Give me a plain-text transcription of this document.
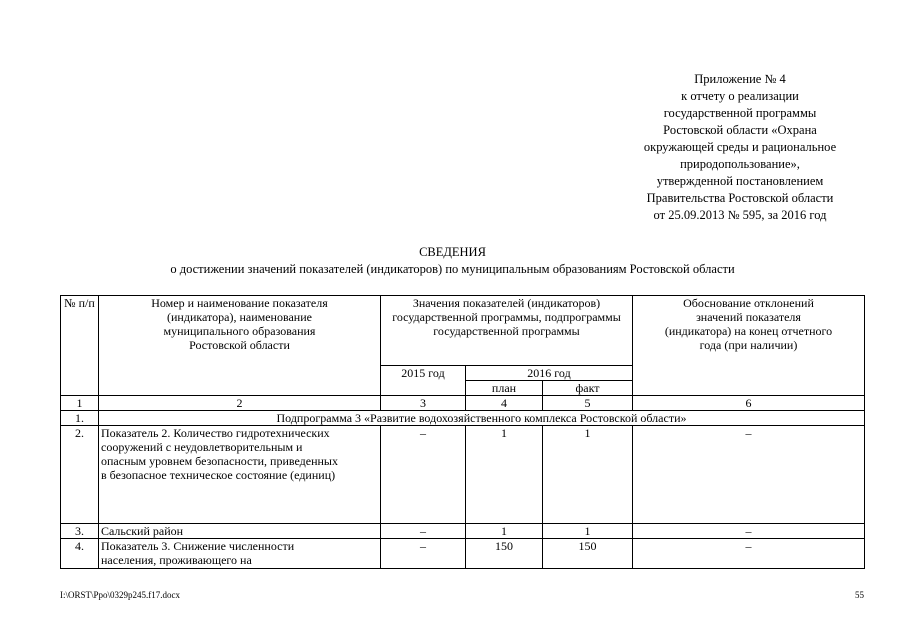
Приложение № 4
к отчету о реализации
государственной программы
Ростовской области «Охрана
окружающей среды и рациональное
природопользование»,
утвержденной постановлением
Правительства Ростовской области
от 25.09.2013 № 595, за 2016 год
СВЕДЕНИЯ
о достижении значений показателей (индикаторов) по муниципальным образованиям Ростовской области
№ п/п	Номер и наименование показателя (индикатора), наименование муниципального образования Ростовской области	Значения показателей (индикаторов) государственной программы, подпрограммы государственной программы			Обоснование отклонений значений показателя (индикатора) на конец отчетного года (при наличии)
		2015 год	2016 год		
			план	факт	
1	2	3	4	5	6
1.	Подпрограмма 3 «Развитие водохозяйственного комплекса Ростовской области»				
2.	Показатель 2. Количество гидротехнических сооружений с неудовлетворительным и опасным уровнем безопасности, приведенных в безопасное техническое состояние (единиц)	–	1	1	–
3.	Сальский район	–	1	1	–
4.	Показатель 3. Снижение численности населения, проживающего на	–	150	150	–
I:\ORST\Ppo\0329p245.f17.docx	55
